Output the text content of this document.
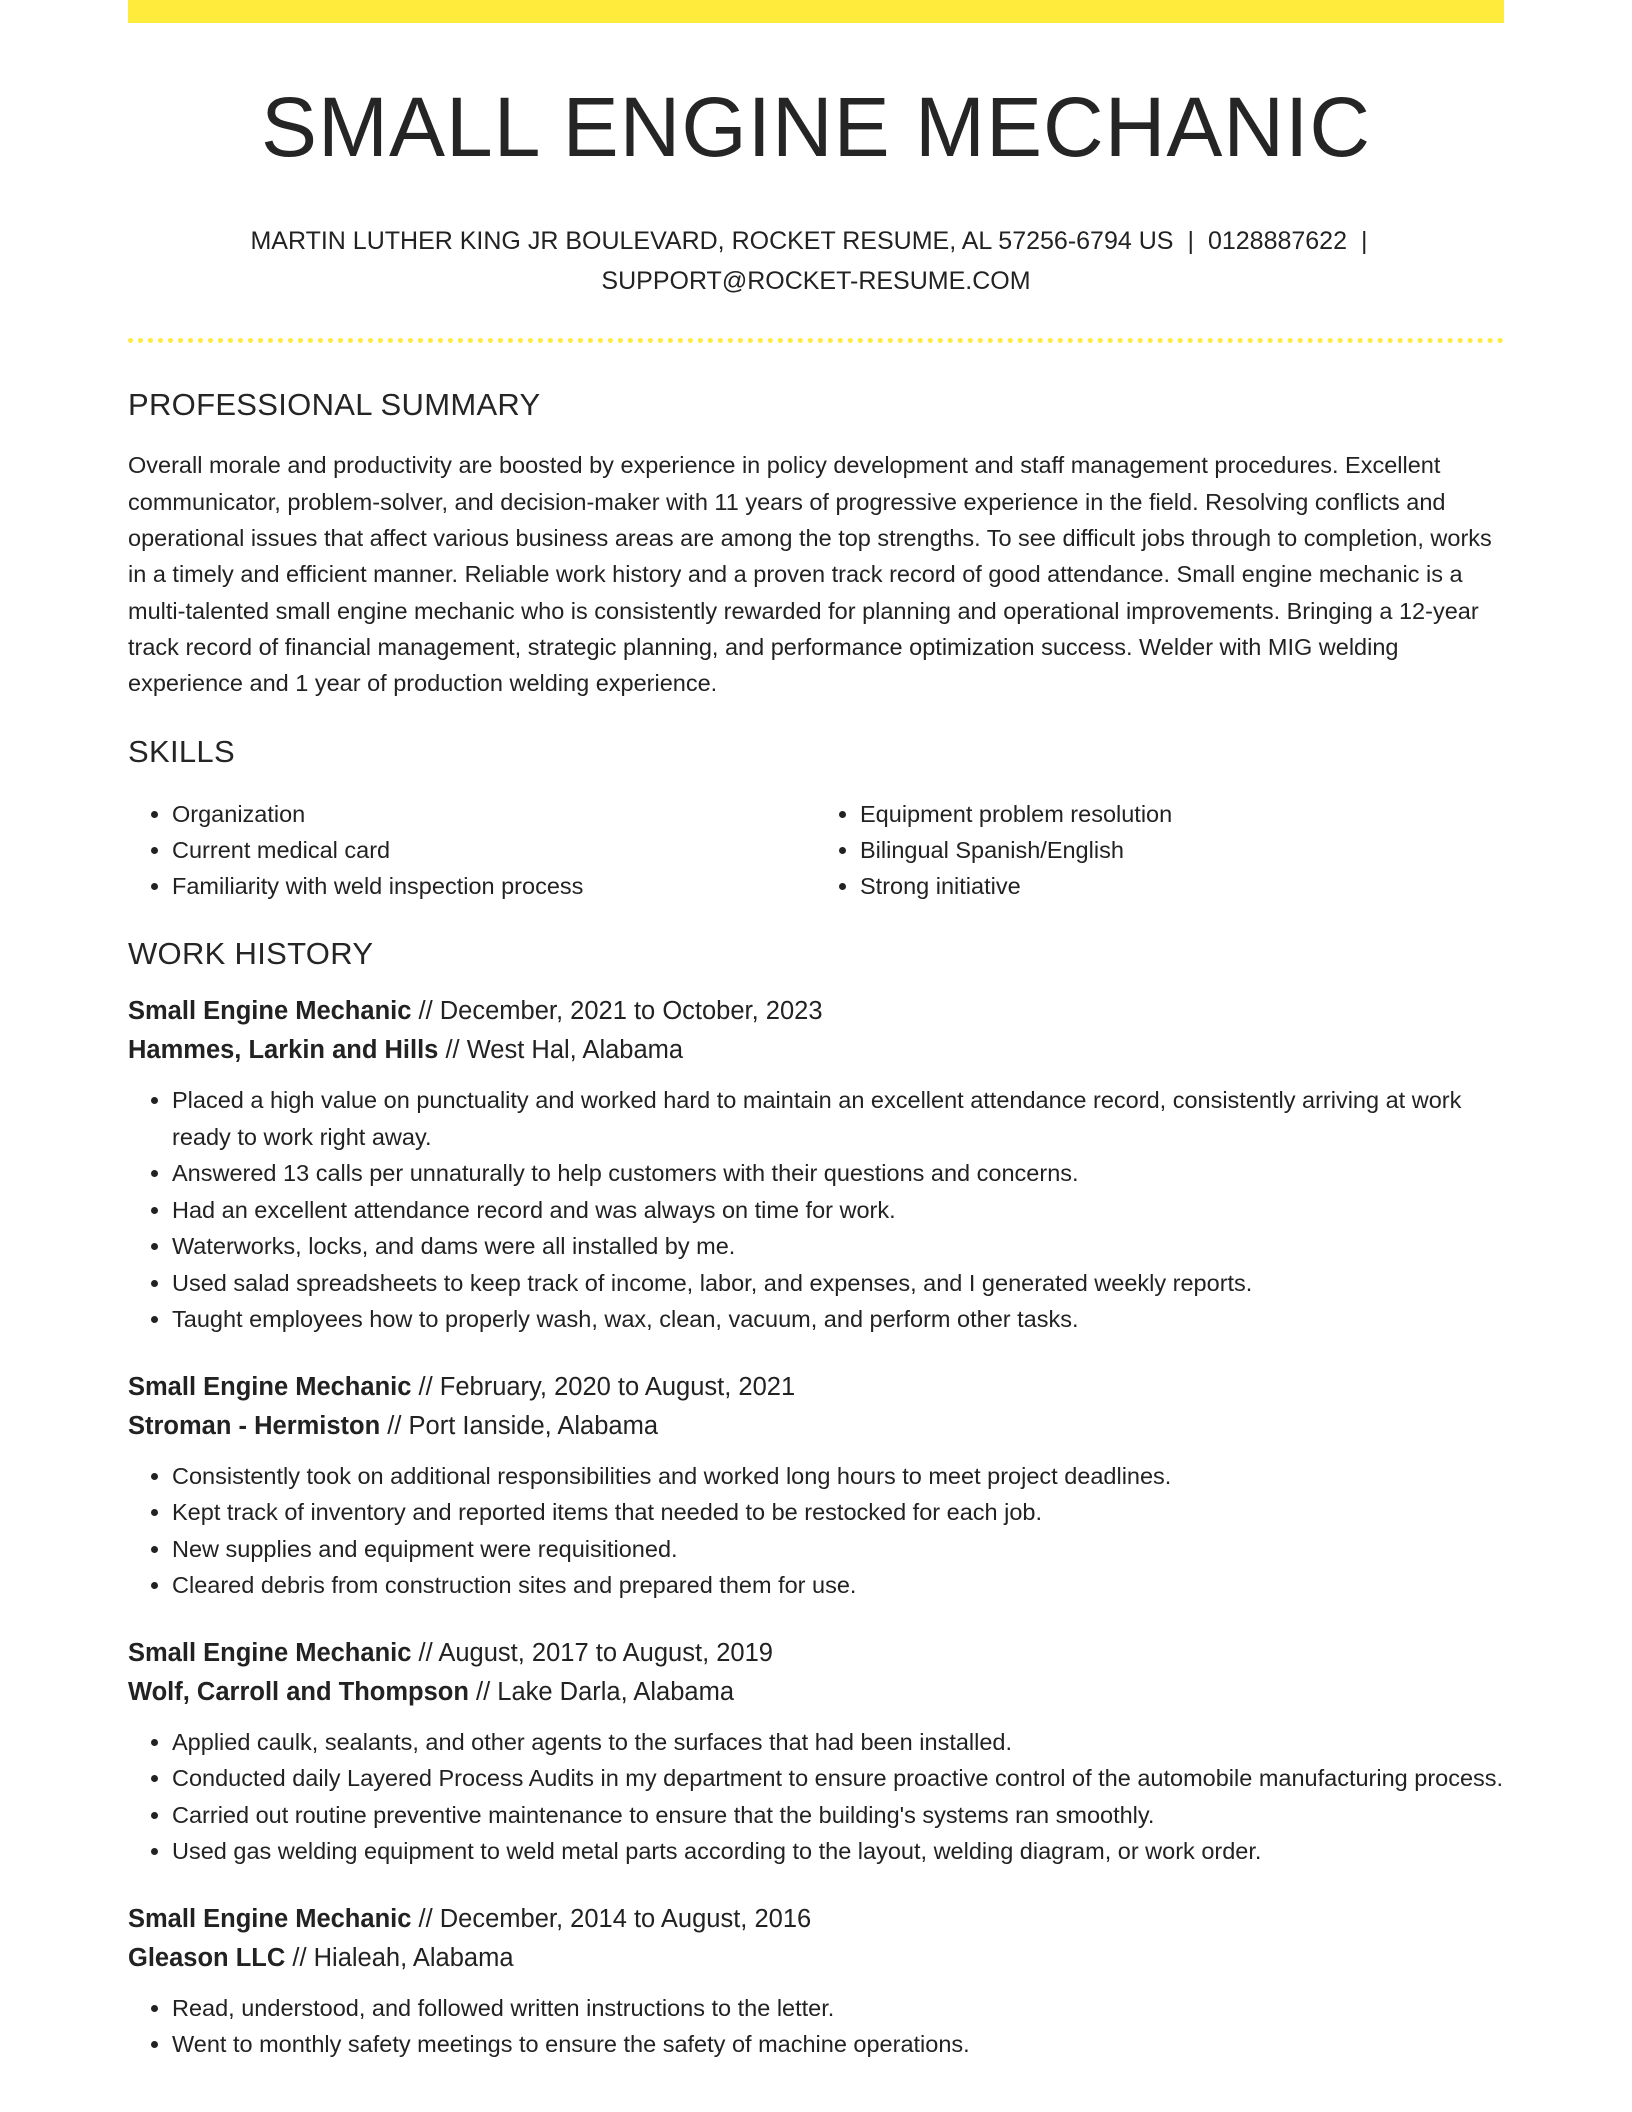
SMALL ENGINE MECHANIC
MARTIN LUTHER KING JR BOULEVARD, ROCKET RESUME, AL 57256-6794 US | 0128887622 |
SUPPORT@ROCKET-RESUME.COM
PROFESSIONAL SUMMARY

Overall morale and productivity are boosted by experience in policy development and staff management procedures. Excellent communicator, problem-solver, and decision-maker with 11 years of progressive experience in the field. Resolving conflicts and operational issues that affect various business areas are among the top strengths. To see difficult jobs through to completion, works in a timely and efficient manner. Reliable work history and a proven track record of good attendance. Small engine mechanic is a multi-talented small engine mechanic who is consistently rewarded for planning and operational improvements. Bringing a 12-year track record of financial management, strategic planning, and performance optimization success. Welder with MIG welding experience and 1 year of production welding experience.

SKILLS
• Organization
• Current medical card
• Familiarity with weld inspection process
• Equipment problem resolution
• Bilingual Spanish/English
• Strong initiative
WORK HISTORY
Small Engine Mechanic // December, 2021 to October, 2023
Hammes, Larkin and Hills // West Hal, Alabama
• Placed a high value on punctuality and worked hard to maintain an excellent attendance record, consistently arriving at work ready to work right away.
• Answered 13 calls per unnaturally to help customers with their questions and concerns.
• Had an excellent attendance record and was always on time for work.
• Waterworks, locks, and dams were all installed by me.
• Used salad spreadsheets to keep track of income, labor, and expenses, and I generated weekly reports.
• Taught employees how to properly wash, wax, clean, vacuum, and perform other tasks.
Small Engine Mechanic // February, 2020 to August, 2021
Stroman - Hermiston // Port Ianside, Alabama
• Consistently took on additional responsibilities and worked long hours to meet project deadlines.
• Kept track of inventory and reported items that needed to be restocked for each job.
• New supplies and equipment were requisitioned.
• Cleared debris from construction sites and prepared them for use.
Small Engine Mechanic // August, 2017 to August, 2019
Wolf, Carroll and Thompson // Lake Darla, Alabama
• Applied caulk, sealants, and other agents to the surfaces that had been installed.
• Conducted daily Layered Process Audits in my department to ensure proactive control of the automobile manufacturing process.
• Carried out routine preventive maintenance to ensure that the building's systems ran smoothly.
• Used gas welding equipment to weld metal parts according to the layout, welding diagram, or work order.
Small Engine Mechanic // December, 2014 to August, 2016
Gleason LLC // Hialeah, Alabama
• Read, understood, and followed written instructions to the letter.
• Went to monthly safety meetings to ensure the safety of machine operations.
